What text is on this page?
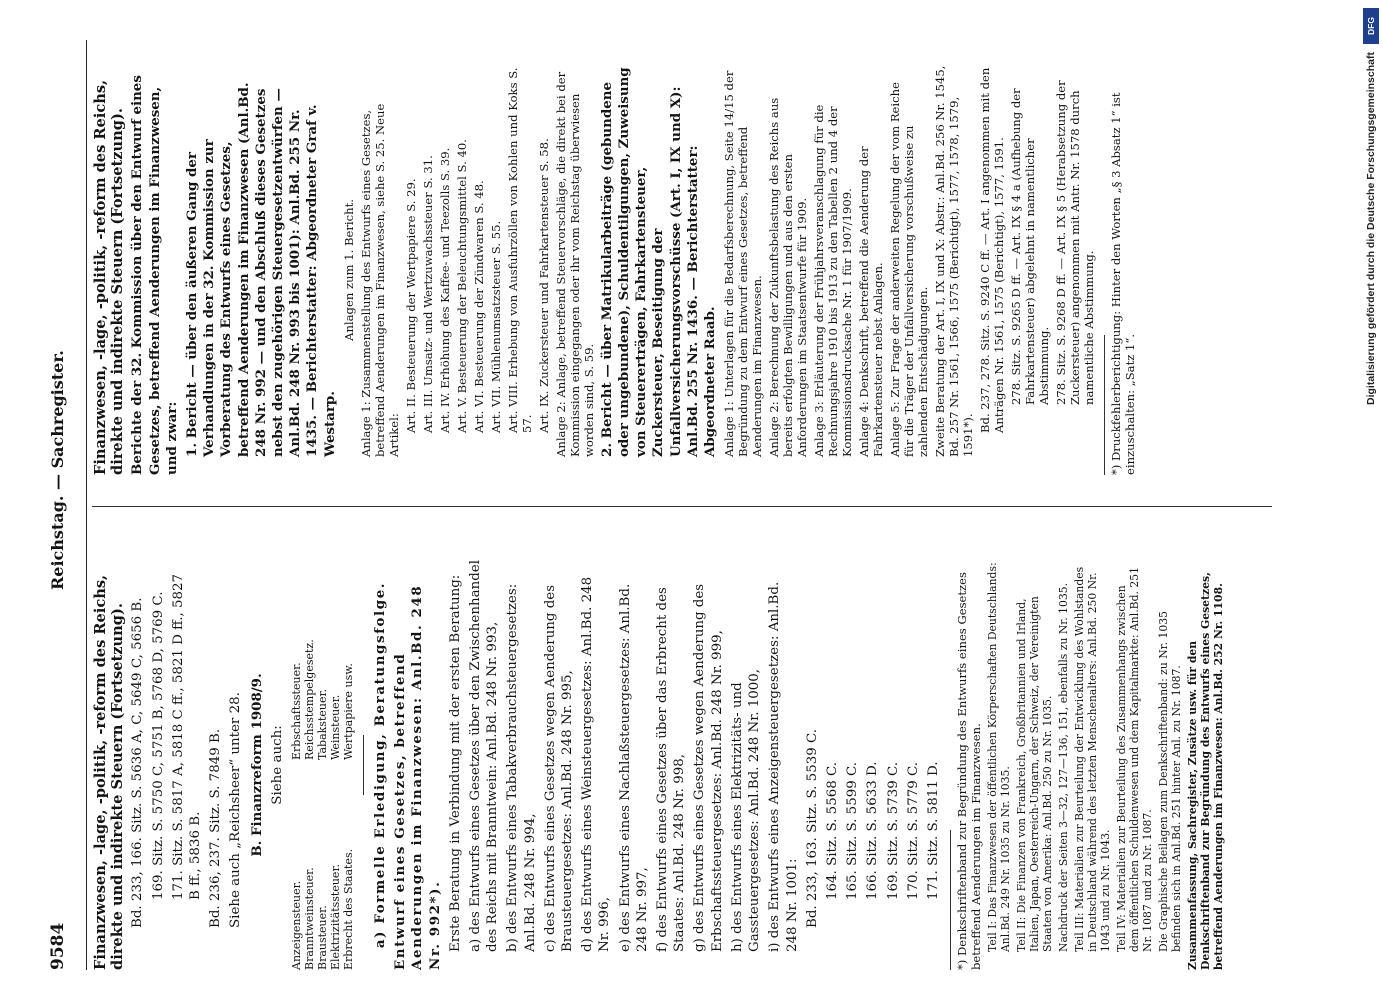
9584
Reichstag. — Sachregister.
Finanzwesen, -lage, -politik, -reform des Reichs, direkte und indirekte Steuern (Fortsetzung). Bd. 233, 166. Sitz. S. 5636 A, C, 5649 C, 5656 B. 169. Sitz. S. 5750 C, 5751 B, 5768 D, 5769 C. 171. Sitz. S. 5817 A, 5818 C ff., 5821 D ff., 5827 B ff., 5836 B. Bd. 236, 237. Sitz. S. 7849 B. Siehe auch „Reichsheer“ unter 28. B. Finanzreform 1908/9. Siehe auch:
Anzeigensteuer. Branntweinsteuer. Brausteuer. Elektrizitätssteuer. Erbrecht des Staates.
Erbschaftssteuer. Reichsstempelgesetz. Tabaksteuer. Weinsteuer. Wertpapiere usw. a) Formelle Erledigung, Beratungsfolge. Entwurf eines Gesetzes, betreffend Aenderungen im Finanzwesen: Anl.Bd. 248 Nr. 992*). Erste Beratung in Verbindung mit der ersten Beratung: a) des Entwurfs eines Gesetzes über den Zwischenhandel des Reichs mit Branntwein: Anl.Bd. 248 Nr. 993, b) des Entwurfs eines Tabakverbrauchsteuergesetzes: Anl.Bd. 248 Nr. 994, c) des Entwurfs eines Gesetzes wegen Aenderung des Brausteuergesetzes: Anl.Bd. 248 Nr. 995, d) des Entwurfs eines Weinsteuergesetzes: Anl.Bd. 248 Nr. 996, e) des Entwurfs eines Nachlaßsteuergesetzes: Anl.Bd. 248 Nr. 997, f) des Entwurfs eines Gesetzes über das Erbrecht des Staates: Anl.Bd. 248 Nr. 998, g) des Entwurfs eines Gesetzes wegen Aenderung des Erbschaftssteuergesetzes: Anl.Bd. 248 Nr. 999, h) des Entwurfs eines Elektrizitäts- und Gassteuergesetzes: Anl.Bd. 248 Nr. 1000, i) des Entwurfs eines Anzeigensteuergesetzes: Anl.Bd. 248 Nr. 1001: Bd. 233, 163. Sitz. S. 5539 C. 164. Sitz. S. 5568 C. 165. Sitz. S. 5599 C. 166. Sitz. S. 5633 D. 169. Sitz. S. 5739 C. 170. Sitz. S. 5779 C. 171. Sitz. S. 5811 D. *) Denkschriftenband zur Begründung des Entwurfs eines Gesetzes betreffend Aenderungen im Finanzwesen. Teil I: Das Finanzwesen der öffentlichen Körperschaften Deutschlands: Anl.Bd. 249 Nr. 1035 zu Nr. 1035. Teil II: Die Finanzen von Frankreich, Großbritannien und Irland, Italien, Japan, Oesterreich-Ungarn, der Schweiz, der Vereinigten Staaten von Amerika: Anl.Bd. 250 zu Nr. 1035. Nachdruck der Seiten 3—32, 127—136, 151, ebenfalls zu Nr. 1035. Teil III: Materialien zur Beurteilung der Entwicklung des Wohlstandes in Deutschland während des letzten Menschenalters: Anl.Bd. 250 Nr. 1043 und zu Nr. 1043. Teil IV: Materialien zur Beurteilung des Zusammenhangs zwischen dem öffentlichen Schuldenwesen und dem Kapitalmarkte: Anl.Bd. 251 Nr. 1087 und zu Nr. 1087. Die Graphische Beilagen zum Denkschriftenband: zu Nr. 1035 befinden sich in Anl.Bd. 251 hinter Anl. zu Nr. 1087. Zusammenfassung, Sachregister, Zusätze usw. für den Denkschriftenband zur Begründung des Entwurfs eines Gesetzes, betreffend Aenderungen im Finanzwesen: Anl.Bd. 252 Nr. 1108.
Finanzwesen, -lage, -politik, -reform des Reichs, direkte und indirekte Steuern (Fortsetzung). Berichte der 32. Kommission über den Entwurf eines Gesetzes, betreffend Aenderungen im Finanzwesen, und zwar: 1. Bericht — über den äußeren Gang der Verhandlungen in der 32. Kommission zur Vorberatung des Entwurfs eines Gesetzes, betreffend Aenderungen im Finanzwesen (Anl.Bd. 248 Nr. 992 — und den Abschluß dieses Gesetzes nebst den zugehörigen Steuergesetzentwürfen — Anl.Bd. 248 Nr. 993 bis 1001): Anl.Bd. 255 Nr. 1435. — Berichterstatter: Abgeordneter Graf v. Westarp.
Anlagen zum 1. Bericht. Anlage 1: Zusammenstellung des Entwurfs eines Gesetzes, betreffend Aenderungen im Finanzwesen, siehe S. 25. Neue Artikel:
Art. II. Besteuerung der Wertpapiere S. 29. Art. III. Umsatz- und Wertzuwachssteuer S. 31. Art. IV. Erhöhung des Kaffee- und Teezolls S. 39. Art. V. Besteuerung der Beleuchtungsmittel S. 40. Art. VI. Besteuerung der Zündwaren S. 48. Art. VII. Mühlenumsatzsteuer S. 55. Art. VIII. Erhebung von Ausfuhrzöllen von Kohlen und Koks S. 57. Art. IX. Zuckersteuer und Fahrkartensteuer S. 58. Anlage 2: Anlage, betreffend Steuervorschläge, die direkt bei der Kommission eingegangen oder ihr vom Reichstag überwiesen worden sind, S. 59. 2. Bericht — über Matrikularbeiträge (gebundene oder ungebundene), Schuldentilgungen, Zuweisung von Steuererträgen, Fahrkartensteuer, Zuckersteuer, Beseitigung der Unfallversicherungsvorschüsse (Art. I, IX und X): Anl.Bd. 255 Nr. 1436. — Berichterstatter: Abgeordneter Raab. Anlage 1: Unterlagen für die Bedarfsberechnung, Seite 14/15 der Begründung zu dem Entwurf eines Gesetzes, betreffend Aenderungen im Finanzwesen. Anlage 2: Berechnung der Zukunftsbelastung des Reichs aus bereits erfolgten Bewilligungen und aus den ersten Anforderungen im Staatsentwurfe für 1909. Anlage 3: Erläuterung der Frühjahrsveranschlagung für die Rechnungsjahre 1910 bis 1913 zu den Tabellen 2 und 4 der Kommissionsdrucksache Nr. 1 für 1907/1909. Anlage 4: Denkschrift, betreffend die Aenderung der Fahrkartensteuer nebst Anlagen. Anlage 5: Zur Frage der anderweiten Regelung der vom Reiche für die Träger der Unfallversicherung vorschußweise zu zahlenden Entschädigungen. Zweite Beratung der Art. I, IX und X: Abstr.: Anl.Bd. 256 Nr. 1545, Bd. 257 Nr. 1561, 1566, 1575 (Berichtigt), 1577, 1578, 1579, 1591*).
Bd. 237, 278. Sitz. S. 9240 C ff. — Art. I angenommen mit den Anträgen Nr. 1561, 1575 (Berichtigt), 1577, 1591. 278. Sitz. S. 9265 D ff. — Art. IX § 4 a (Aufhebung der Fahrkartensteuer) abgelehnt in namentlicher Abstimmung. 278. Sitz. S. 9268 D ff. — Art. IX § 5 (Herabsetzung der Zuckersteuer) angenommen mit Antr. Nr. 1578 durch namentliche Abstimmung. *) Druckfehlerberichtigung: Hinter den Worten „§ 3 Absatz 1“ ist einzuschalten: „Satz 1“.
DFG
Digitalisierung gefördert durch die Deutsche Forschungsgemeinschaft
